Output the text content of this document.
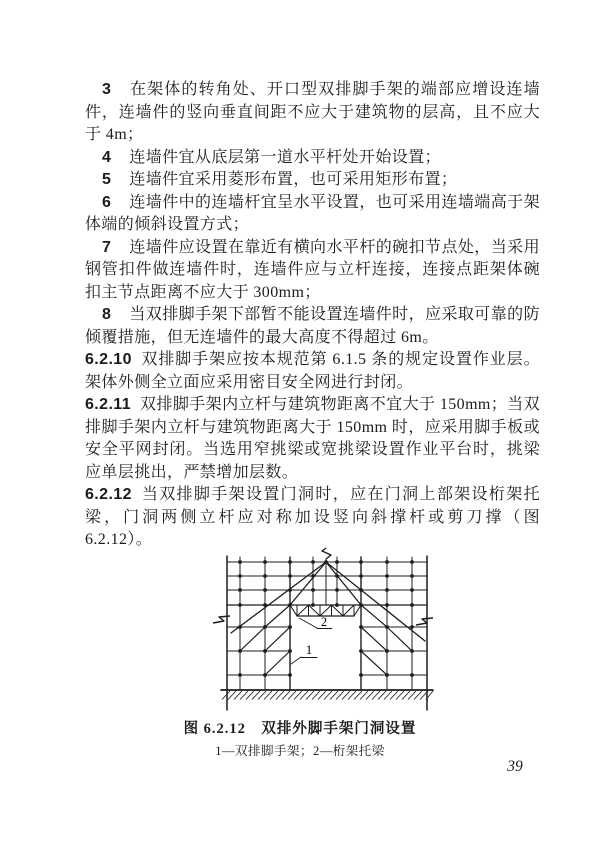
3 在架体的转角处、开口型双排脚手架的端部应增设连墙件，连墙件的竖向垂直间距不应大于建筑物的层高，且不应大于 4m；

4 连墙件宜从底层第一道水平杆处开始设置；

5 连墙件宜采用菱形布置，也可采用矩形布置；

6 连墙件中的连墙杆宜呈水平设置，也可采用连墙端高于架体端的倾斜设置方式；

7 连墙件应设置在靠近有横向水平杆的碗扣节点处，当采用钢管扣件做连墙件时，连墙件应与立杆连接，连接点距架体碗扣主节点距离不应大于 300mm；

8 当双排脚手架下部暂不能设置连墙件时，应采取可靠的防倾覆措施，但无连墙件的最大高度不得超过 6m。

6.2.10 双排脚手架应按本规范第 6.1.5 条的规定设置作业层。架体外侧全立面应采用密目安全网进行封闭。

6.2.11 双排脚手架内立杆与建筑物距离不宜大于 150mm；当双排脚手架内立杆与建筑物距离大于 150mm 时，应采用脚手板或安全平网封闭。当选用窄挑梁或宽挑梁设置作业平台时，挑梁应单层挑出，严禁增加层数。

6.2.12 当双排脚手架设置门洞时，应在门洞上部架设桁架托梁，门洞两侧立杆应对称加设竖向斜撑杆或剪刀撑（图 6.2.12）。

1
2
图 6.2.12　双排外脚手架门洞设置
1—双排脚手架；2—桁架托梁
39
